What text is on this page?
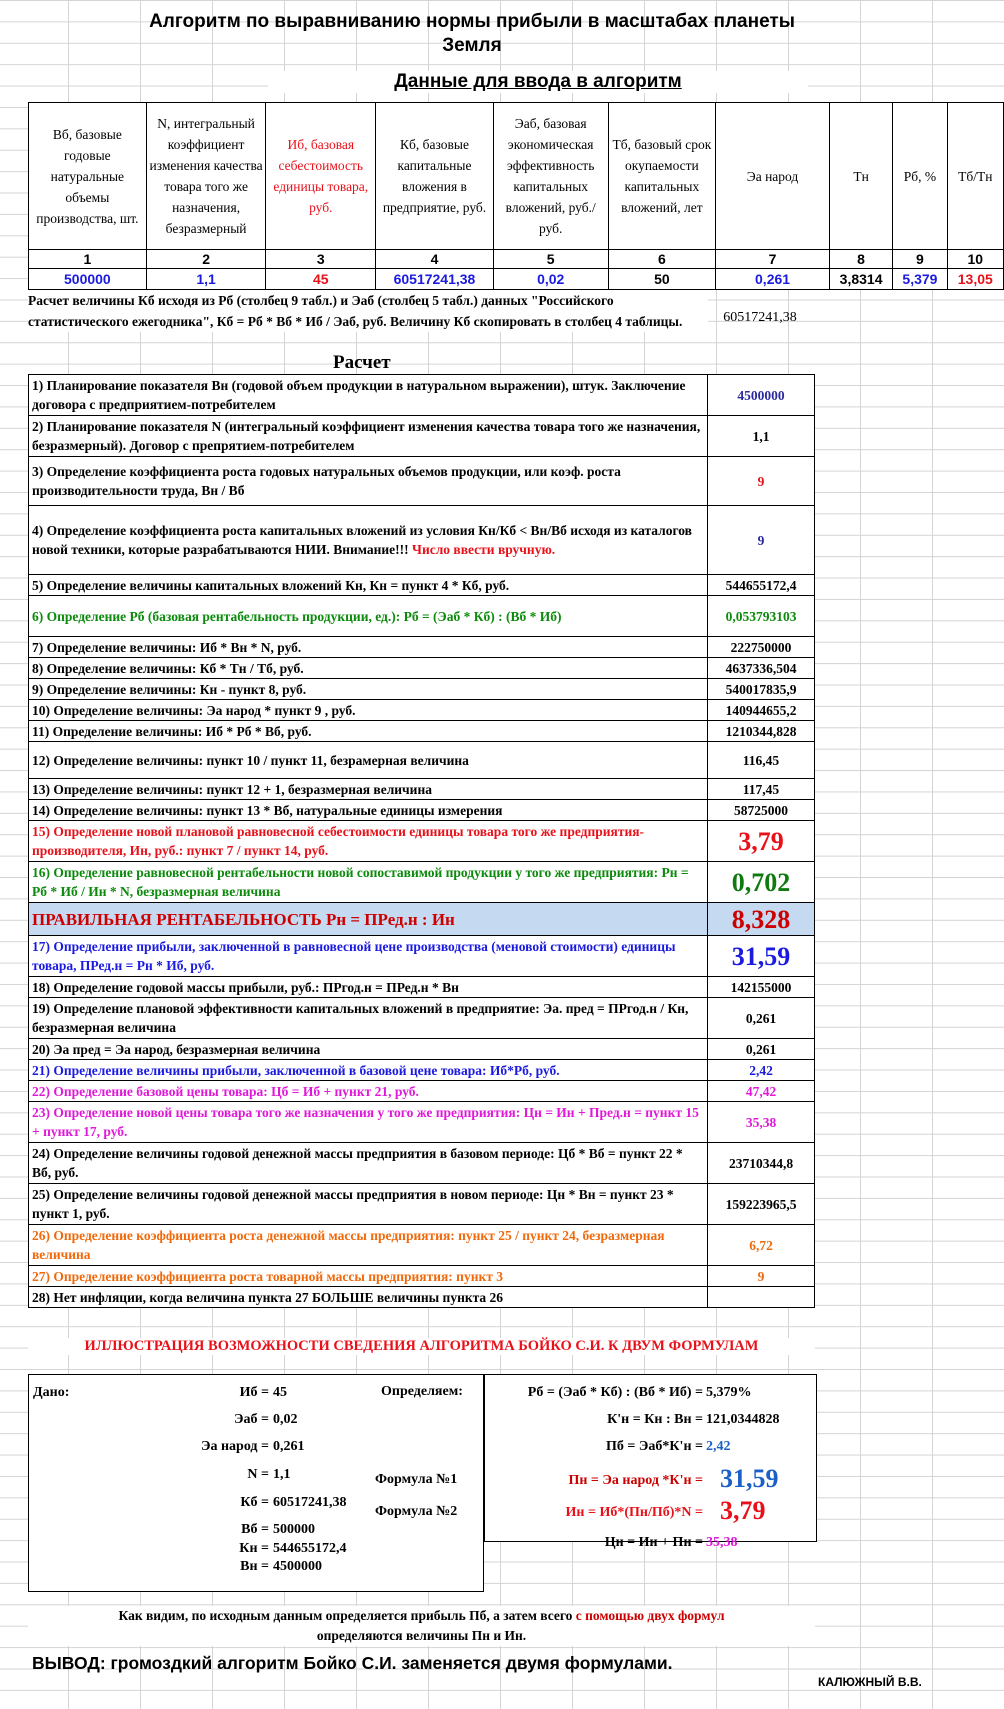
Алгоритм по выравниванию нормы прибыли в масштабах планеты Земля
Данные для ввода в алгоритм
Вб, базовые годовые натуральные объемы производства, шт.	N, интегральный коэффициент изменения качества товара того же назначения, безразмерный	Иб, базовая себестоимость единицы товара, руб.	Кб, базовые капитальные вложения в предприятие, руб.	Эаб, базовая экономическая эффективность капитальных вложений, руб./руб.	Тб, базовый срок окупаемости капитальных вложений, лет	Эа народ	Тн	Рб, %	Тб/Тн
1	2	3	4	5	6	7	8	9	10
500000	1,1	45	60517241,38	0,02	50	0,261	3,8314	5,379	13,05
Расчет величины Кб исходя из Рб (столбец 9 табл.) и Эаб (столбец 5 табл.) данных "Российского статистического ежегодника", Кб = Рб * Вб * Иб / Эаб, руб. Величину Кб скопировать в столбец 4 таблицы.	60517241,38
Расчет
1) Планирование показателя Вн (годовой объем продукции в натуральном выражении), штук. Заключение договора с предприятием-потребителем	4500000
2) Планирование показателя N (интегральный коэффициент изменения качества товара того же назначения, безразмерный). Договор с препрятием-потребителем	1,1
3) Определение коэффициента роста годовых натуральных объемов продукции, или коэф. роста производительности труда, Вн / Вб	9
4) Определение коэффициента роста капитальных вложений из условия Кн/Кб < Вн/Вб исходя из каталогов новой техники, которые разрабатываются НИИ. Внимание!!! Число ввести вручную.	9
5) Определение величины капитальных вложений Кн, Кн = пункт 4 * Кб, руб.	544655172,4
6) Определение Рб (базовая рентабельность продукции, ед.): Рб = (Эаб * Кб) : (Вб * Иб)	0,053793103
7) Определение величины: Иб * Вн * N, руб.	222750000
8) Определение величины: Кб * Тн / Тб, руб.	4637336,504
9) Определение величины: Кн - пункт 8, руб.	540017835,9
10) Определение величины: Эа народ * пункт 9 , руб.	140944655,2
11) Определение величины: Иб * Рб * Вб, руб.	1210344,828
12) Определение величины: пункт 10 / пункт 11, безрамерная величина	116,45
13) Определение величины: пункт 12 + 1, безразмерная величина	117,45
14) Определение величины: пункт 13 * Вб, натуральные единицы измерения	58725000
15) Определение новой плановой равновесной себестоимости единицы товара того же предприятия-производителя, Ин, руб.: пункт 7 / пункт 14, руб.	3,79
16) Определение равновесной рентабельности новой сопоставимой продукции у того же предприятия: Рн = Рб * Иб / Ин * N, безразмерная величина	0,702
ПРАВИЛЬНАЯ РЕНТАБЕЛЬНОСТЬ Рн = ПРед.н : Ин	8,328
17) Определение прибыли, заключенной в равновесной цене производства (меновой стоимости) единицы товара, ПРед.н = Рн * Иб, руб.	31,59
18) Определение годовой массы прибыли, руб.: ПРгод.н = ПРед.н * Вн	142155000
19) Определение плановой эффективности капитальных вложений в предприятие: Эа. пред = ПРгод.н / Кн, безразмерная величина	0,261
20) Эа пред = Эа народ, безразмерная величина	0,261
21) Определение величины прибыли, заключенной в базовой цене товара: Иб*Рб, руб.	2,42
22) Определение базовой цены товара: Цб = Иб + пункт 21, руб.	47,42
23) Определение новой цены товара того же назначения у того же предприятия: Цн = Ин + Пред.н = пункт 15 + пункт 17, руб.	35,38
24) Определение величины годовой денежной массы предприятия в базовом периоде: Цб * Вб = пункт 22 * Вб, руб.	23710344,8
25) Определение величины годовой денежной массы предприятия в новом периоде: Цн * Вн = пункт 23 * пункт 1, руб.	159223965,5
26) Определение коэффициента роста денежной массы предприятия: пункт 25 / пункт 24, безразмерная величина	6,72
27) Определение коэффициента роста товарной массы предприятия: пункт 3	9
28) Нет инфляции, когда величина пункта 27 БОЛЬШЕ величины пункта 26	
ИЛЛЮСТРАЦИЯ ВОЗМОЖНОСТИ СВЕДЕНИЯ АЛГОРИТМА БОЙКО С.И. К ДВУМ ФОРМУЛАМ
Дано:	Иб = 45
Эаб = 0,02
Эа народ = 0,261
N = 1,1
Кб = 60517241,38
Вб = 500000
Кн = 544655172,4
Вн = 4500000
Определяем:
Формула №1
Формула №2
Рб = (Эаб * Кб) : (Вб * Иб) = 5,379%
К'н = Кн : Вн = 121,0344828
Пб = Эаб*К'н = 2,42
Пн = Эа народ *К'н = 31,59
Ин = Иб*(Пн/Пб)*N = 3,79
Цн = Ин + Пн = 35,38
Как видим, по исходным данным определяется прибыль Пб, а затем всего с помощью двух формул
определяются величины Пн и Ин.
ВЫВОД: громоздкий алгоритм Бойко С.И. заменяется двумя формулами.
КАЛЮЖНЫЙ В.В.
